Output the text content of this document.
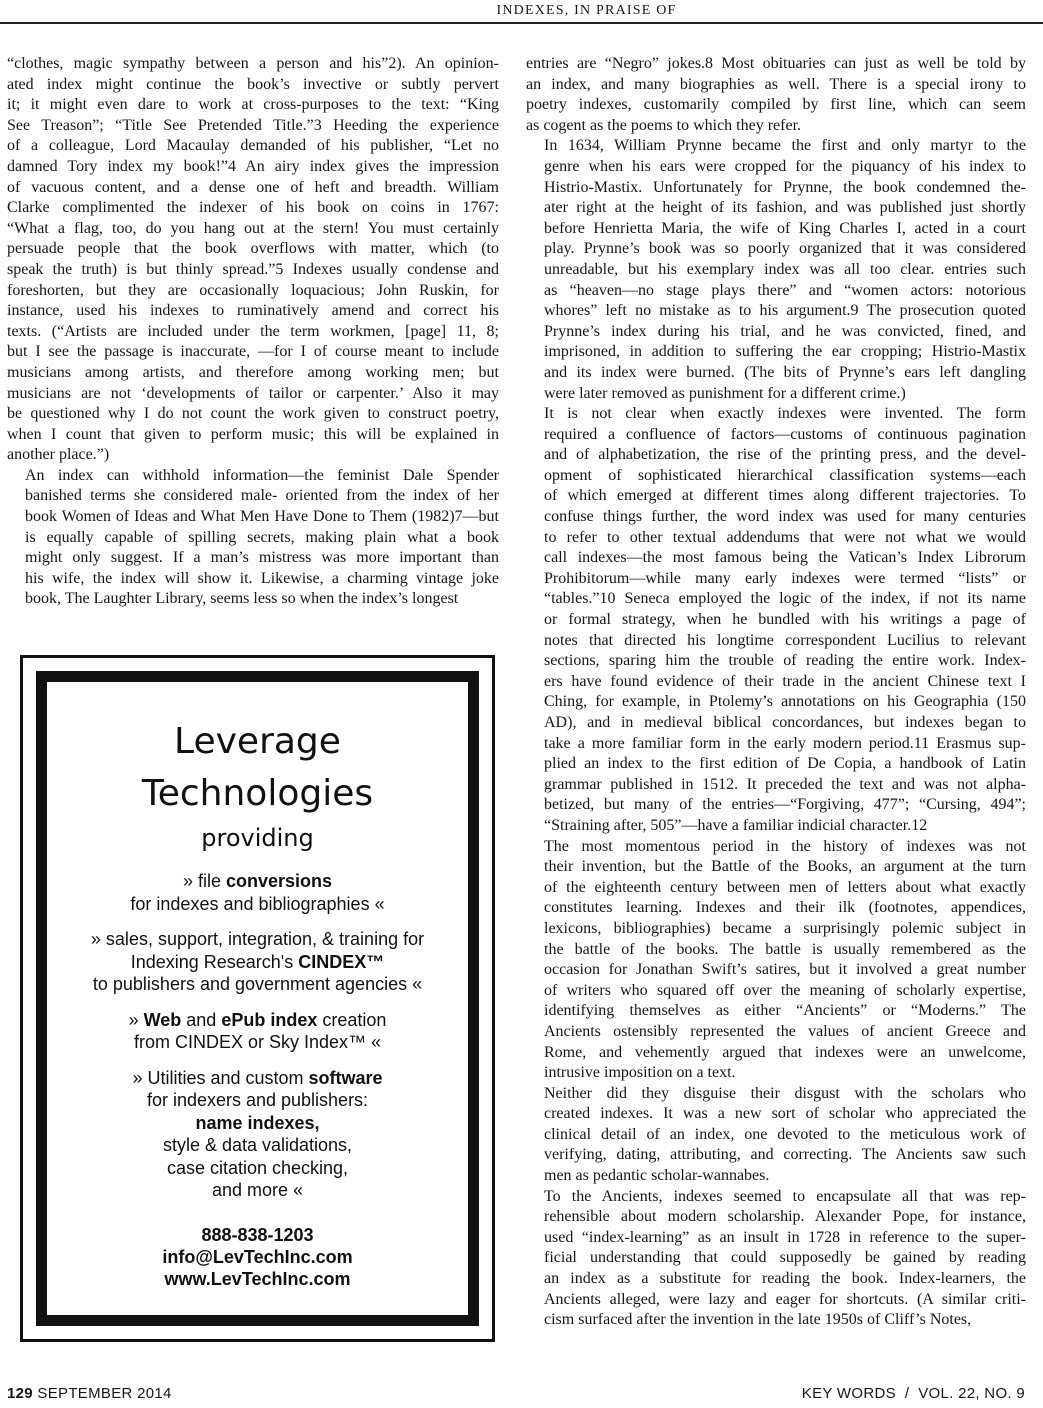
INDEXES, IN PRAISE OF

“clothes, magic sympathy between a person and his”2). An opinion-
ated index might continue the book’s invective or subtly pervert
it; it might even dare to work at cross-purposes to the text: “King
See Treason”; “Title See Pretended Title.”3 Heeding the experience
of a colleague, Lord Macaulay demanded of his publisher, “Let no
damned Tory index my book!”4 An airy index gives the impression
of vacuous content, and a dense one of heft and breadth. William
Clarke complimented the indexer of his book on coins in 1767:
“What a flag, too, do you hang out at the stern! You must certainly
persuade people that the book overflows with matter, which (to
speak the truth) is but thinly spread.”5 Indexes usually condense and
foreshorten, but they are occasionally loquacious; John Ruskin, for
instance, used his indexes to ruminatively amend and correct his
texts. (“Artists are included under the term workmen, [page] 11, 8;
but I see the passage is inaccurate, —for I of course meant to include
musicians among artists, and therefore among working men; but
musicians are not ‘developments of tailor or carpenter.’ Also it may
be questioned why I do not count the work given to construct poetry,
when I count that given to perform music; this will be explained in
another place.”)

An index can withhold information—the feminist Dale Spender
banished terms she considered male- oriented from the index of her
book Women of Ideas and What Men Have Done to Them (1982)7—but
is equally capable of spilling secrets, making plain what a book
might only suggest. If a man’s mistress was more important than
his wife, the index will show it. Likewise, a charming vintage joke
book, The Laughter Library, seems less so when the index’s longest

entries are “Negro” jokes.8 Most obituaries can just as well be told by
an index, and many biographies as well. There is a special irony to
poetry indexes, customarily compiled by first line, which can seem
as cogent as the poems to which they refer.

In 1634, William Prynne became the first and only martyr to the
genre when his ears were cropped for the piquancy of his index to
Histrio-Mastix. Unfortunately for Prynne, the book condemned the-
ater right at the height of its fashion, and was published just shortly
before Henrietta Maria, the wife of King Charles I, acted in a court
play. Prynne’s book was so poorly organized that it was considered
unreadable, but his exemplary index was all too clear. entries such
as “heaven—no stage plays there” and “women actors: notorious
whores” left no mistake as to his argument.9 The prosecution quoted
Prynne’s index during his trial, and he was convicted, fined, and
imprisoned, in addition to suffering the ear cropping; Histrio-Mastix
and its index were burned. (The bits of Prynne’s ears left dangling
were later removed as punishment for a different crime.)

It is not clear when exactly indexes were invented. The form
required a confluence of factors—customs of continuous pagination
and of alphabetization, the rise of the printing press, and the devel-
opment of sophisticated hierarchical classification systems—each
of which emerged at different times along different trajectories. To
confuse things further, the word index was used for many centuries
to refer to other textual addendums that were not what we would
call indexes—the most famous being the Vatican’s Index Librorum
Prohibitorum—while many early indexes were termed “lists” or
“tables.”10 Seneca employed the logic of the index, if not its name
or formal strategy, when he bundled with his writings a page of
notes that directed his longtime correspondent Lucilius to relevant
sections, sparing him the trouble of reading the entire work. Index-
ers have found evidence of their trade in the ancient Chinese text I
Ching, for example, in Ptolemy’s annotations on his Geographia (150
AD), and in medieval biblical concordances, but indexes began to
take a more familiar form in the early modern period.11 Erasmus sup-
plied an index to the first edition of De Copia, a handbook of Latin
grammar published in 1512. It preceded the text and was not alpha-
betized, but many of the entries—“Forgiving, 477”; “Cursing, 494”;
“Straining after, 505”—have a familiar indicial character.12

The most momentous period in the history of indexes was not
their invention, but the Battle of the Books, an argument at the turn
of the eighteenth century between men of letters about what exactly
constitutes learning. Indexes and their ilk (footnotes, appendices,
lexicons, bibliographies) became a surprisingly polemic subject in
the battle of the books. The battle is usually remembered as the
occasion for Jonathan Swift’s satires, but it involved a great number
of writers who squared off over the meaning of scholarly expertise,
identifying themselves as either “Ancients” or “Moderns.” The
Ancients ostensibly represented the values of ancient Greece and
Rome, and vehemently argued that indexes were an unwelcome,
intrusive imposition on a text.

Neither did they disguise their disgust with the scholars who
created indexes. It was a new sort of scholar who appreciated the
clinical detail of an index, one devoted to the meticulous work of
verifying, dating, attributing, and correcting. The Ancients saw such
men as pedantic scholar-wannabes.

To the Ancients, indexes seemed to encapsulate all that was rep-
rehensible about modern scholarship. Alexander Pope, for instance,
used “index-learning” as an insult in 1728 in reference to the super-
ficial understanding that could supposedly be gained by reading
an index as a substitute for reading the book. Index-learners, the
Ancients alleged, were lazy and eager for shortcuts. (A similar criti-
cism surfaced after the invention in the late 1950s of Cliff’s Notes,

Leverage
Technologies
providing
» file conversions
for indexes and bibliographies «
» sales, support, integration, & training for
Indexing Research's CINDEX™
to publishers and government agencies «
» Web and ePub index creation
from CINDEX or Sky Index™ «
» Utilities and custom software
for indexers and publishers:
name indexes,
style & data validations,
case citation checking,
and more «
888-838-1203
info@LevTechInc.com
www.LevTechInc.com
129 SEPTEMBER 2014	KEY WORDS  /  VOL. 22, NO. 9
